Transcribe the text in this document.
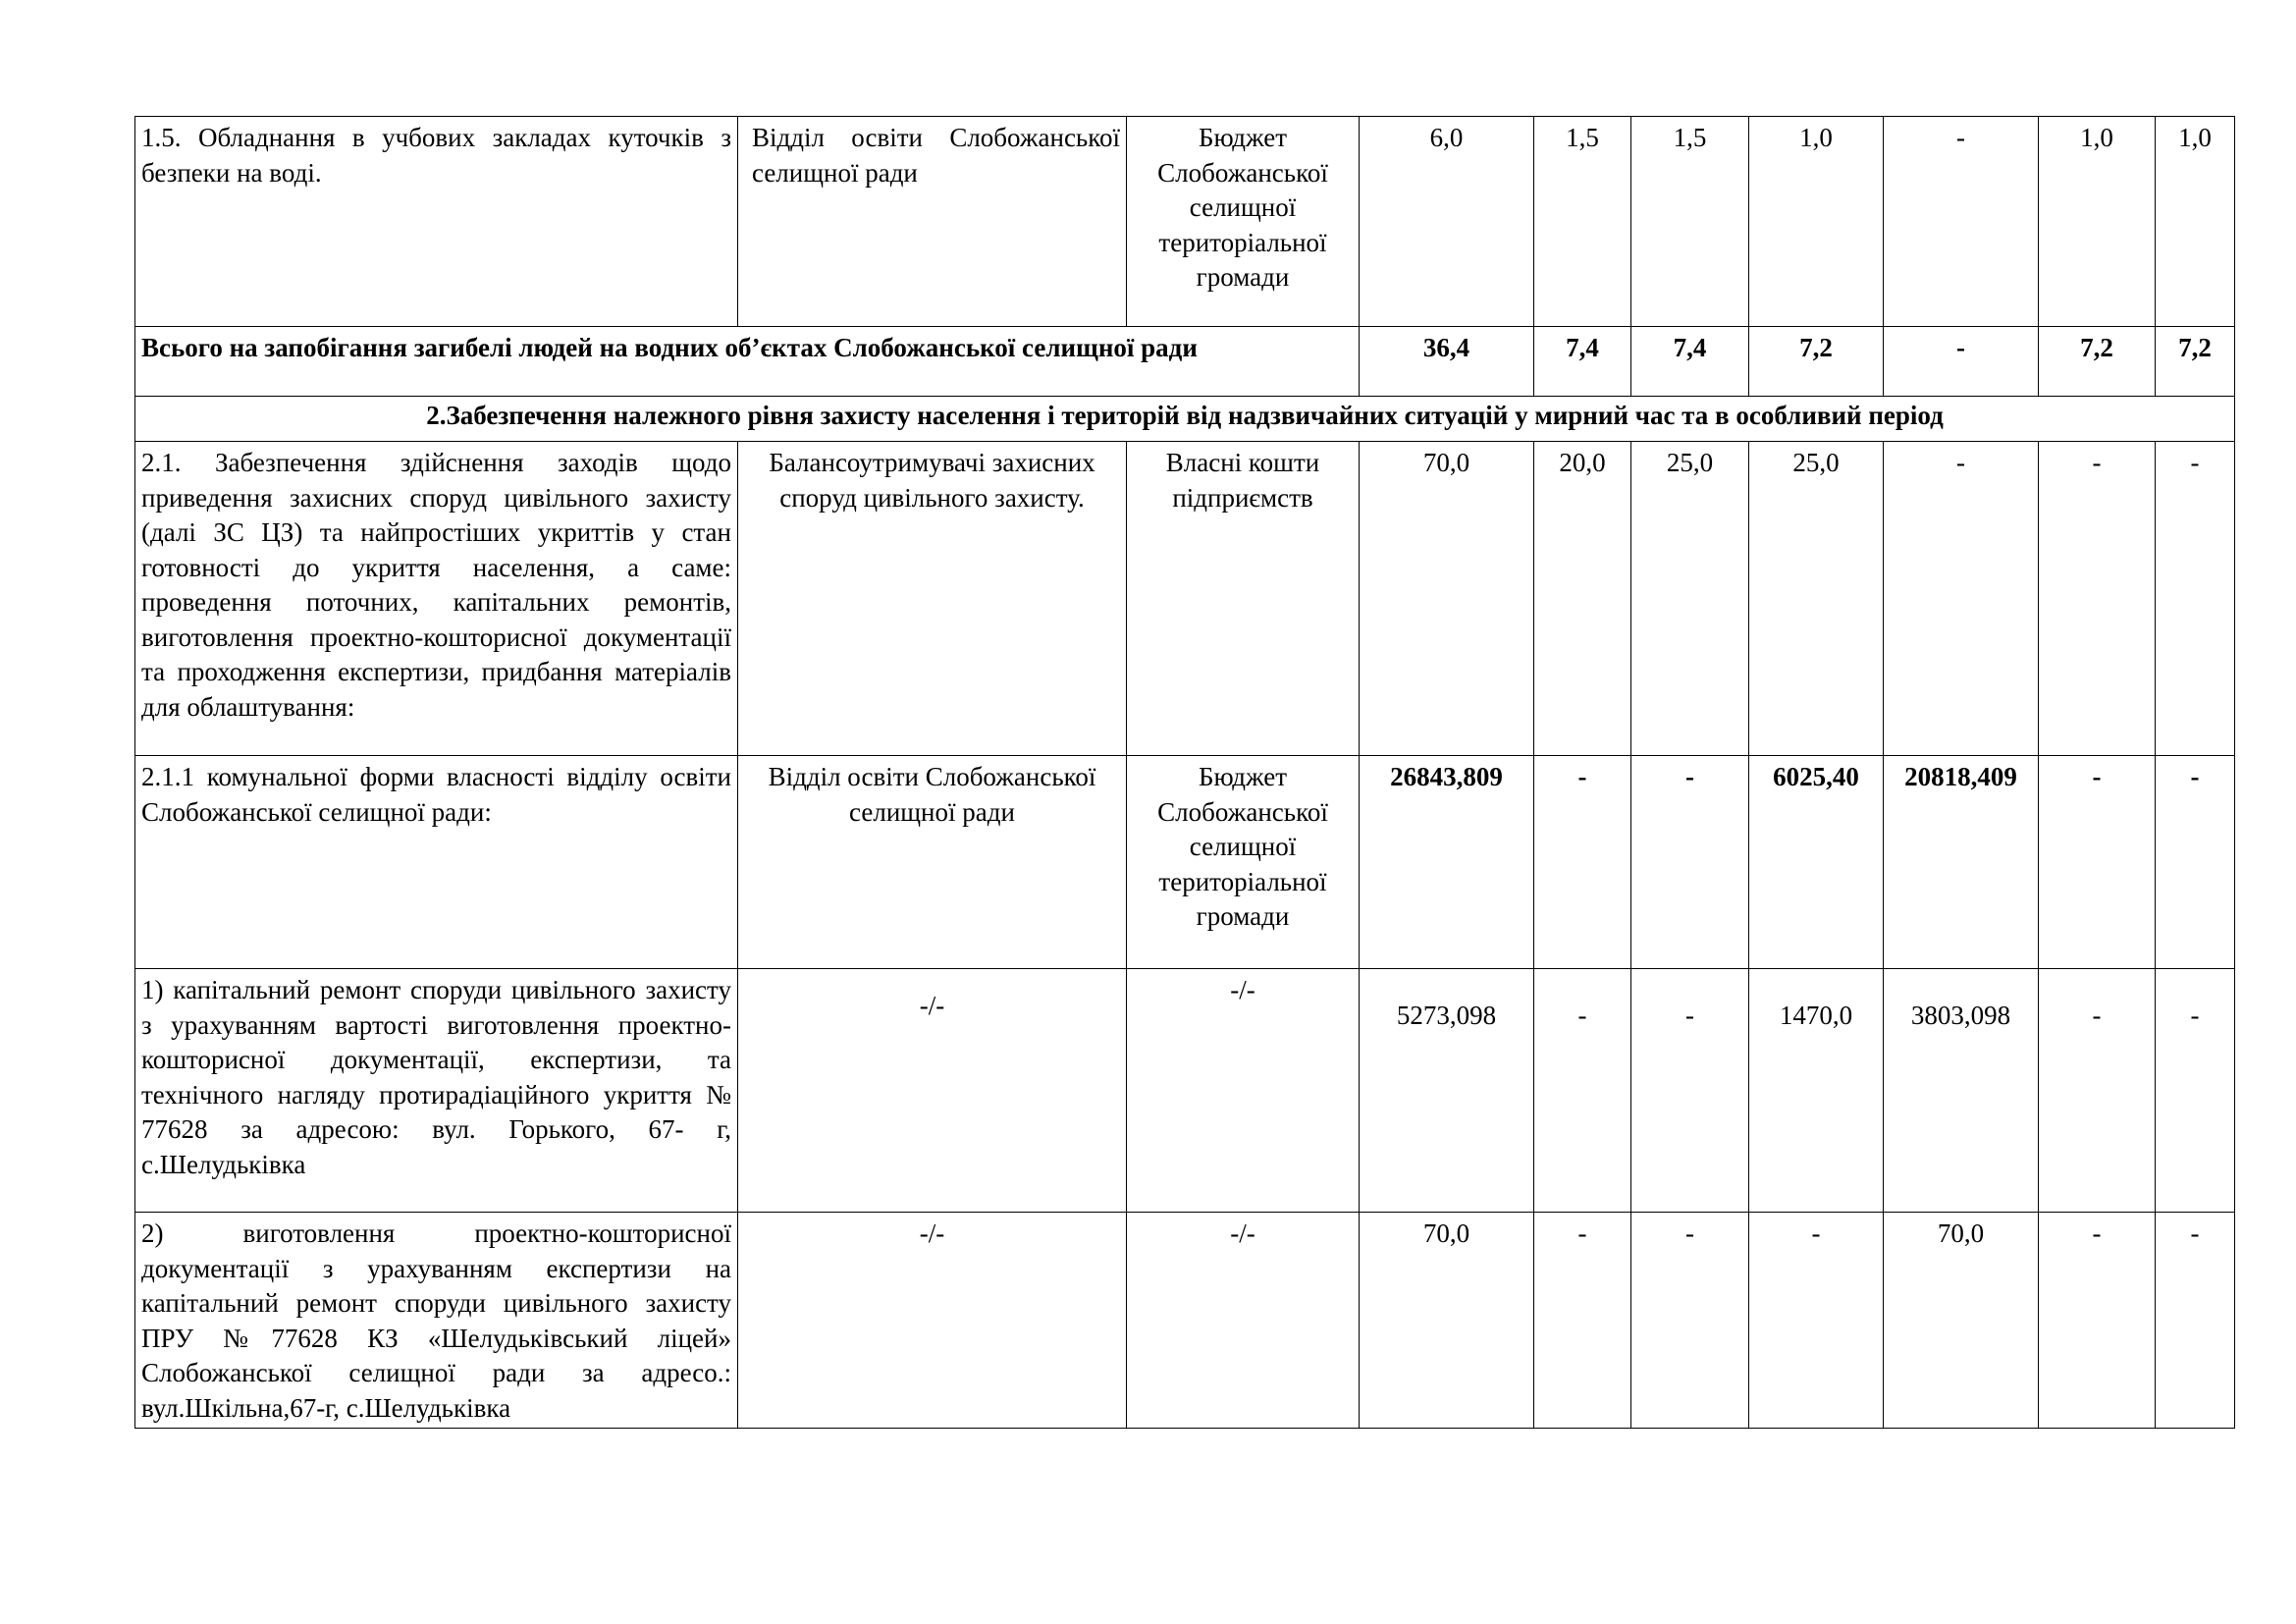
1.5. Обладнання в учбових закладах куточків з безпеки на воді.	Відділ освіти Слобожанської селищної ради	Бюджет Слобожанської селищної територіальної громади	6,0	1,5	1,5	1,0	-	1,0	1,0
Всього на запобігання загибелі людей на водних об’єктах Слобожанської селищної ради			36,4	7,4	7,4	7,2	-	7,2	7,2
2.Забезпечення належного рівня захисту населення і територій від надзвичайних ситуацій у мирний час та в особливий період									
2.1. Забезпечення здійснення заходів щодо приведення захисних споруд цивільного захисту (далі ЗС ЦЗ) та найпростіших укриттів у стан готовності до укриття населення, а саме: проведення поточних, капітальних ремонтів, виготовлення проектно-кошторисної документації та проходження експертизи, придбання матеріалів для облаштування:	Балансоутримувачі захисних споруд цивільного захисту.	Власні кошти підприємств	70,0	20,0	25,0	25,0	-	-	-
2.1.1 комунальної форми власності відділу освіти Слобожанської селищної ради:	Відділ освіти Слобожанської селищної ради	Бюджет Слобожанської селищної територіальної громади	26843,809	-	-	6025,40	20818,409	-	-
1) капітальний ремонт споруди цивільного захисту з урахуванням вартості виготовлення проектно-кошторисної документації, експертизи, та технічного нагляду протирадіаційного укриття № 77628 за адресою: вул. Горького, 67- г, с.Шелудьківка	-/-	-/-	5273,098	-	-	1470,0	3803,098	-	-
2) виготовлення проектно-кошторисної документації з урахуванням експертизи на капітальний ремонт споруди цивільного захисту ПРУ №77628 КЗ «Шелудьківський ліцей» Слобожанської селищної ради за адресо.: вул.Шкільна,67-г, с.Шелудьківка	-/-	-/-	70,0	-	-	-	70,0	-	-
